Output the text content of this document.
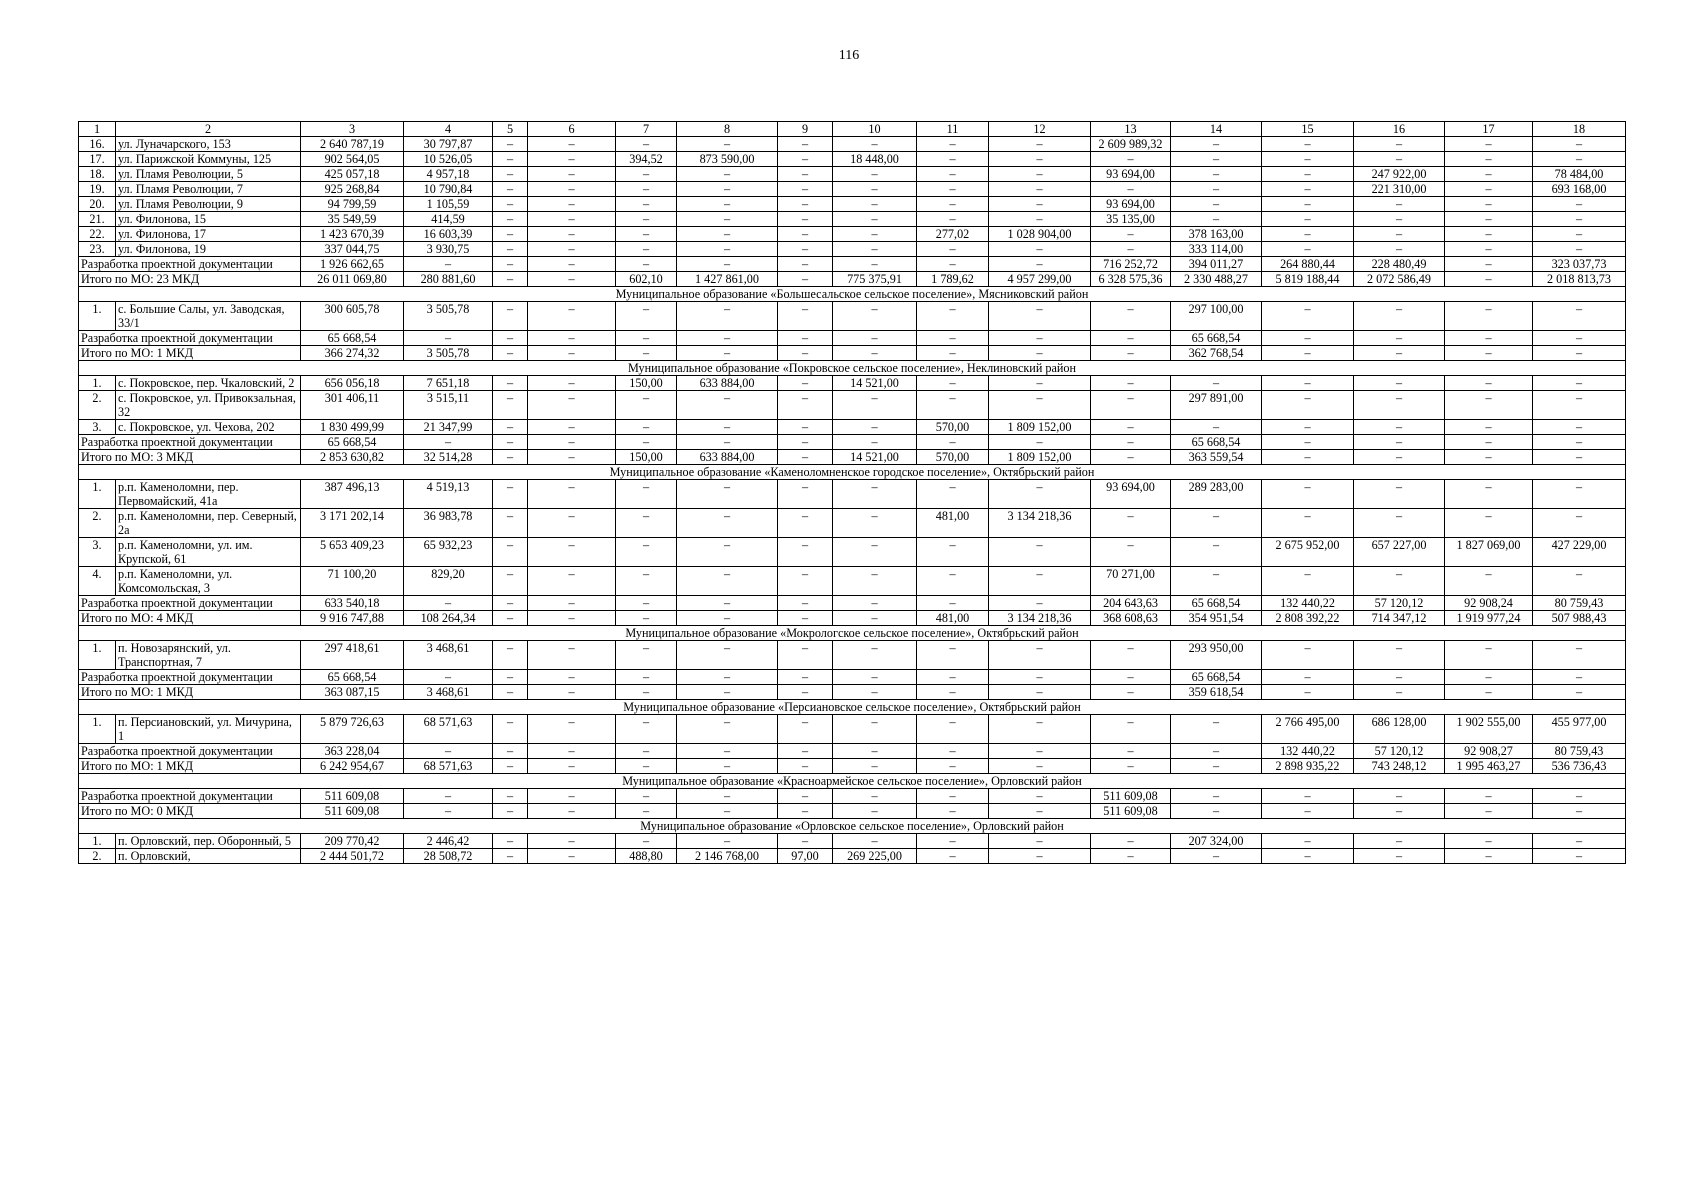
116
1	2	3	4	5	6	7	8	9	10	11	12	13	14	15	16	17	18
16.	ул. Луначарского, 153	2 640 787,19	30 797,87	–	–	–	–	–	–	–	–	2 609 989,32	–	–	–	–	–
17.	ул. Парижской Коммуны, 125	902 564,05	10 526,05	–	–	394,52	873 590,00	–	18 448,00	–	–	–	–	–	–	–	–
18.	ул. Пламя Революции, 5	425 057,18	4 957,18	–	–	–	–	–	–	–	–	93 694,00	–	–	247 922,00	–	78 484,00
19.	ул. Пламя Революции, 7	925 268,84	10 790,84	–	–	–	–	–	–	–	–	–	–	–	221 310,00	–	693 168,00
20.	ул. Пламя Революции, 9	94 799,59	1 105,59	–	–	–	–	–	–	–	–	93 694,00	–	–	–	–	–
21.	ул. Филонова, 15	35 549,59	414,59	–	–	–	–	–	–	–	–	35 135,00	–	–	–	–	–
22.	ул. Филонова, 17	1 423 670,39	16 603,39	–	–	–	–	–	–	277,02	1 028 904,00	–	378 163,00	–	–	–	–
23.	ул. Филонова, 19	337 044,75	3 930,75	–	–	–	–	–	–	–	–	–	333 114,00	–	–	–	–
Разработка проектной документации		1 926 662,65	–	–	–	–	–	–	–	–	–	716 252,72	394 011,27	264 880,44	228 480,49	–	323 037,73
Итого по МО: 23 МКД		26 011 069,80	280 881,60	–	–	602,10	1 427 861,00	–	775 375,91	1 789,62	4 957 299,00	6 328 575,36	2 330 488,27	5 819 188,44	2 072 586,49	–	2 018 813,73
Муниципальное образование «Большесальское сельское поселение», Мясниковский район																	
1.	с. Большие Салы, ул. Заводская, 33/1	300 605,78	3 505,78	–	–	–	–	–	–	–	–	–	297 100,00	–	–	–	–
Разработка проектной документации		65 668,54	–	–	–	–	–	–	–	–	–	–	65 668,54	–	–	–	–
Итого по МО: 1 МКД		366 274,32	3 505,78	–	–	–	–	–	–	–	–	–	362 768,54	–	–	–	–
Муниципальное образование «Покровское сельское поселение», Неклиновский район																	
1.	с. Покровское, пер. Чкаловский, 2	656 056,18	7 651,18	–	–	150,00	633 884,00	–	14 521,00	–	–	–	–	–	–	–	–
2.	с. Покровское, ул. Привокзальная, 32	301 406,11	3 515,11	–	–	–	–	–	–	–	–	–	297 891,00	–	–	–	–
3.	с. Покровское, ул. Чехова, 202	1 830 499,99	21 347,99	–	–	–	–	–	–	570,00	1 809 152,00	–	–	–	–	–	–
Разработка проектной документации		65 668,54	–	–	–	–	–	–	–	–	–	–	65 668,54	–	–	–	–
Итого по МО: 3 МКД		2 853 630,82	32 514,28	–	–	150,00	633 884,00	–	14 521,00	570,00	1 809 152,00	–	363 559,54	–	–	–	–
Муниципальное образование «Каменоломненское городское поселение», Октябрьский район																	
1.	р.п. Каменоломни, пер. Первомайский, 41а	387 496,13	4 519,13	–	–	–	–	–	–	–	–	93 694,00	289 283,00	–	–	–	–
2.	р.п. Каменоломни, пер. Северный, 2а	3 171 202,14	36 983,78	–	–	–	–	–	–	481,00	3 134 218,36	–	–	–	–	–	–
3.	р.п. Каменоломни, ул. им. Крупской, 61	5 653 409,23	65 932,23	–	–	–	–	–	–	–	–	–	–	2 675 952,00	657 227,00	1 827 069,00	427 229,00
4.	р.п. Каменоломни, ул. Комсомольская, 3	71 100,20	829,20	–	–	–	–	–	–	–	–	70 271,00	–	–	–	–	–
Разработка проектной документации		633 540,18	–	–	–	–	–	–	–	–	–	204 643,63	65 668,54	132 440,22	57 120,12	92 908,24	80 759,43
Итого по МО: 4 МКД		9 916 747,88	108 264,34	–	–	–	–	–	–	481,00	3 134 218,36	368 608,63	354 951,54	2 808 392,22	714 347,12	1 919 977,24	507 988,43
Муниципальное образование «Мокрологское сельское поселение», Октябрьский район																	
1.	п. Новозарянский, ул. Транспортная, 7	297 418,61	3 468,61	–	–	–	–	–	–	–	–	–	293 950,00	–	–	–	–
Разработка проектной документации		65 668,54	–	–	–	–	–	–	–	–	–	–	65 668,54	–	–	–	–
Итого по МО: 1 МКД		363 087,15	3 468,61	–	–	–	–	–	–	–	–	–	359 618,54	–	–	–	–
Муниципальное образование «Персиановское сельское поселение», Октябрьский район																	
1.	п. Персиановский, ул. Мичурина, 1	5 879 726,63	68 571,63	–	–	–	–	–	–	–	–	–	–	2 766 495,00	686 128,00	1 902 555,00	455 977,00
Разработка проектной документации		363 228,04	–	–	–	–	–	–	–	–	–	–	–	132 440,22	57 120,12	92 908,27	80 759,43
Итого по МО: 1 МКД		6 242 954,67	68 571,63	–	–	–	–	–	–	–	–	–	–	2 898 935,22	743 248,12	1 995 463,27	536 736,43
Муниципальное образование «Красноармейское сельское поселение», Орловский район																	
Разработка проектной документации		511 609,08	–	–	–	–	–	–	–	–	–	511 609,08	–	–	–	–	–
Итого по МО: 0 МКД		511 609,08	–	–	–	–	–	–	–	–	–	511 609,08	–	–	–	–	–
Муниципальное образование «Орловское сельское поселение», Орловский район																	
1.	п. Орловский, пер. Оборонный, 5	209 770,42	2 446,42	–	–	–	–	–	–	–	–	–	207 324,00	–	–	–	–
2.	п. Орловский,	2 444 501,72	28 508,72	–	–	488,80	2 146 768,00	97,00	269 225,00	–	–	–	–	–	–	–	–
